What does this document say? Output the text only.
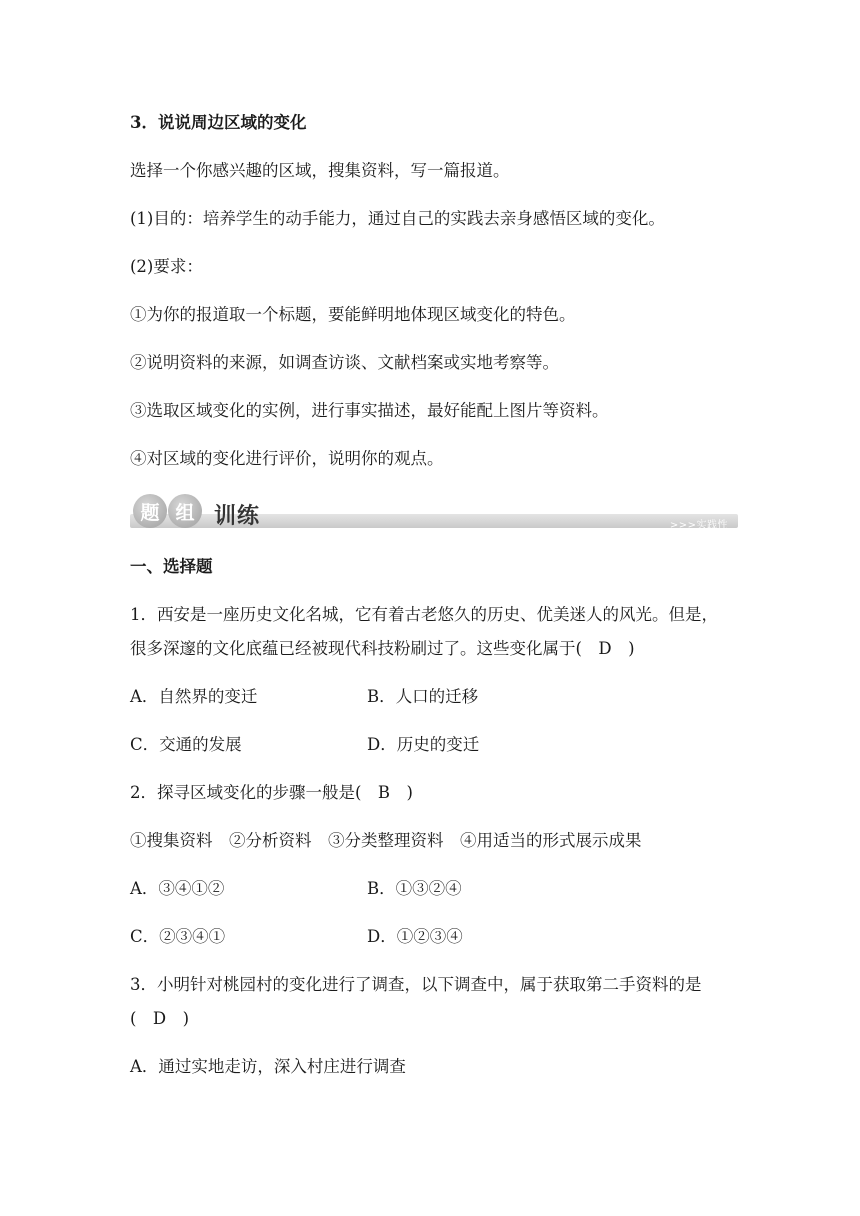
3．说说周边区域的变化
选择一个你感兴趣的区域，搜集资料，写一篇报道。
(1)目的：培养学生的动手能力，通过自己的实践去亲身感悟区域的变化。
(2)要求：
①为你的报道取一个标题，要能鲜明地体现区域变化的特色。
②说明资料的来源，如调查访谈、文献档案或实地考察等。
③选取区域变化的实例，进行事实描述，最好能配上图片等资料。
④对区域的变化进行评价，说明你的观点。
题 组 训练	>>>实践性
一、选择题
1．西安是一座历史文化名城，它有着古老悠久的历史、优美迷人的风光。但是，
很多深邃的文化底蕴已经被现代科技粉刷过了。这些变化属于(　D　)
A．自然界的变迁	B．人口的迁移
C．交通的发展	D．历史的变迁
2．探寻区域变化的步骤一般是(　B　)
①搜集资料　②分析资料　③分类整理资料　④用适当的形式展示成果
A．③④①②	B．①③②④
C．②③④①	D．①②③④
3．小明针对桃园村的变化进行了调查，以下调查中，属于获取第二手资料的是
(　D　)
A．通过实地走访，深入村庄进行调查
